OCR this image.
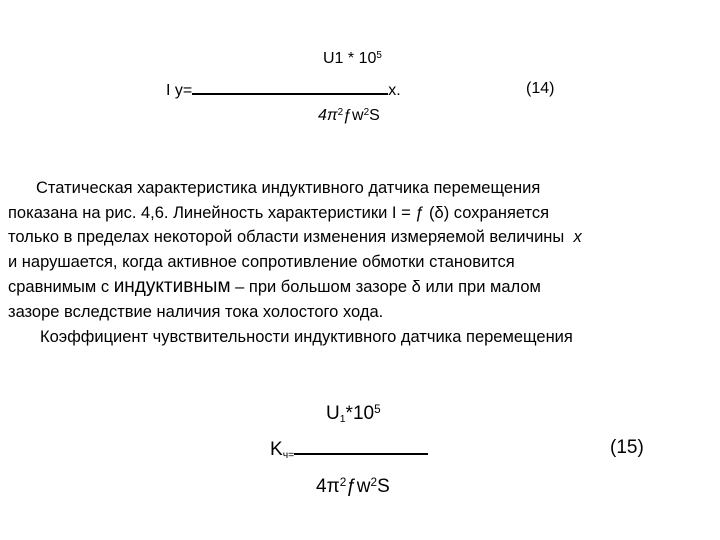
$U1 * 10^5$
I y=	x.	(14)
$4\pi^2ƒw^2S$
Статическая характеристика индуктивного датчика перемещения
показана на рис. 4,6. Линейность характеристики I = ƒ (δ) сохраняется
только в пределах некоторой области изменения измеряемой величины x
и нарушается, когда активное сопротивление обмотки становится
сравнимым с индуктивным – при большом зазоре δ или при малом
зазоре вследствие наличия тока холостого хода.
Коэффициент чувствительности индуктивного датчика перемещения
$U_1*10^5$
$K_{ч=}$	(15)
$4\pi^2ƒw^2S$
